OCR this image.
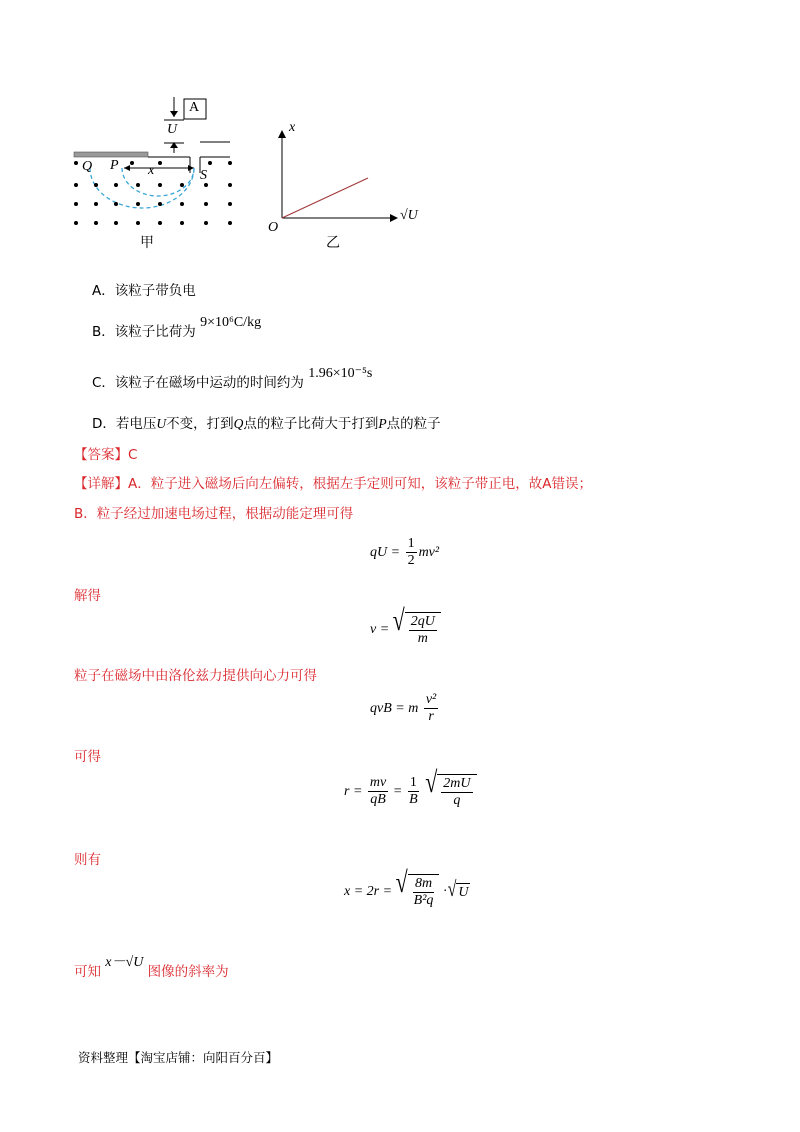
A
U
Q P
S
x
甲
x
√U
O
乙
A．该粒子带负电
B．该粒子比荷为 9×10⁶C/kg
C．该粒子在磁场中运动的时间约为 1.96×10⁻⁵s
D．若电压U不变，打到Q点的粒子比荷大于打到P点的粒子
【答案】C
【详解】A．粒子进入磁场后向左偏转，根据左手定则可知，该粒子带正电，故A错误；
B．粒子经过加速电场过程，根据动能定理可得
qU = $\frac{1}{2} mv^2$
解得
v = √ $\frac{2qU}{m}$
粒子在磁场中由洛伦兹力提供向心力可得
qvB = m $\frac{\text{v²}}{r}$
可得
$r = \frac{mv}{qB} = \frac{1}{B}$
√ $\frac{2mU}{q}$
则有
x = 2r = √ $\frac{8m}{\text{B²q}}$ · √ U
可知 x－√U 图像的斜率为
资料整理【淘宝店铺：向阳百分百】
